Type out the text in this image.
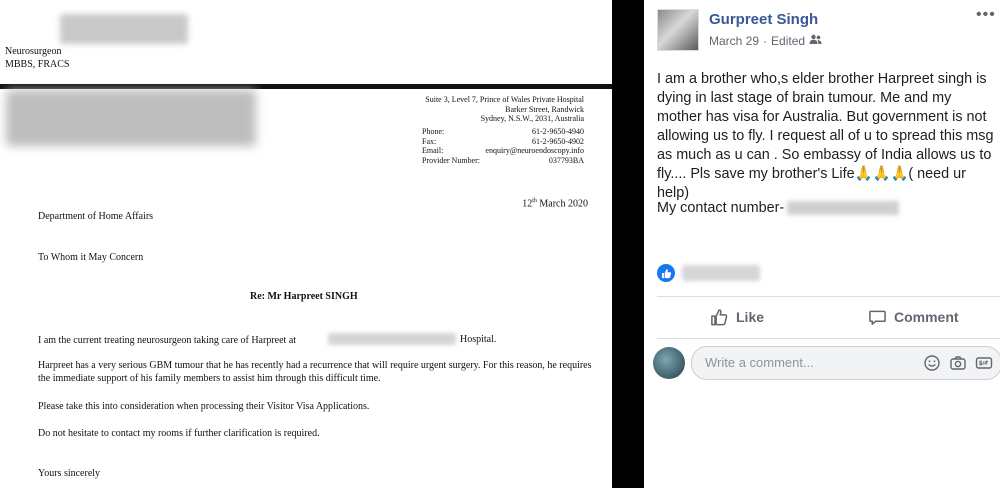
Neurosurgeon
MBBS, FRACS
Suite 3, Level 7, Prince of Wales Private Hospital
Barker Street, Randwick
Sydney, N.S.W., 2031, Australia
Phone:	61-2-9650-4940
Fax:	61-2-9650-4902
Email:	enquiry@neuroendoscopy.info
Provider Number:	037793BA
12th March 2020
Department of Home Affairs
To Whom it May Concern
Re: Mr Harpreet SINGH
I am the current treating neurosurgeon taking care of Harpreet at	Hospital.
Harpreet has a very serious GBM tumour that he has recently had a recurrence that will require urgent surgery. For this reason, he requires the immediate support of his family members to assist him through this difficult time.
Please take this into consideration when processing their Visitor Visa Applications.
Do not hesitate to contact my rooms if further clarification is required.
Yours sincerely
Gurpreet Singh
March 29 · Edited
•••
I am a brother who,s elder brother Harpreet singh is dying in last stage of brain tumour. Me and my mother has visa for Australia. But government is not allowing us to fly. I request all of u to spread this msg as much as u can . So embassy of India allows us to fly.... Pls save my brother's Life🙏🙏🙏( need ur help)
My contact number-
Like	Comment
Write a comment...
